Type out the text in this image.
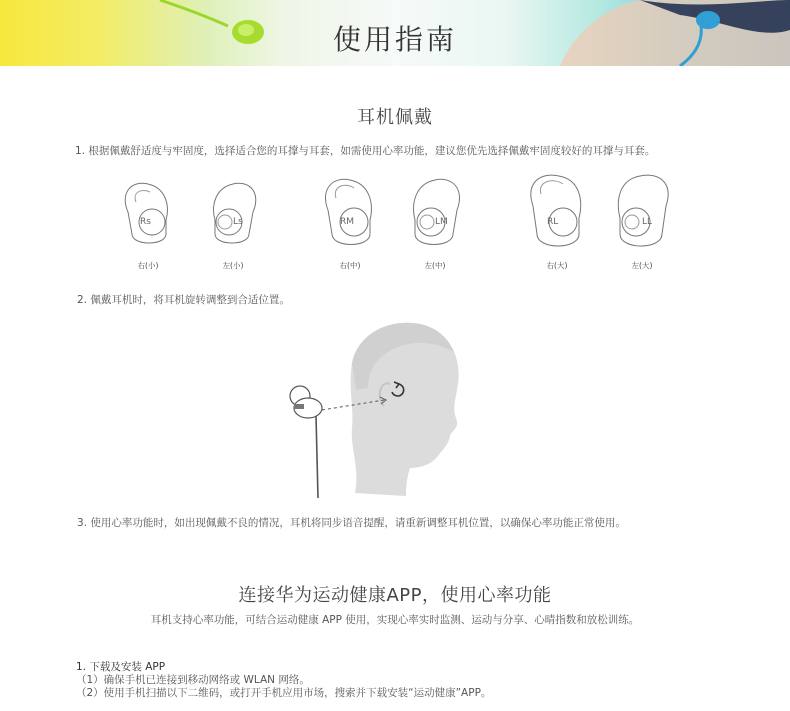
使用指南
耳机佩戴
1. 根据佩戴舒适度与牢固度，选择适合您的耳撑与耳套，如需使用心率功能，建议您优先选择佩戴牢固度较好的耳撑与耳套。
Rs
右(小)
Ls
左(小)
RM
右(中)
LM
左(中)
RL
右(大)
LL
左(大)
2. 佩戴耳机时，将耳机旋转调整到合适位置。
3. 使用心率功能时，如出现佩戴不良的情况，耳机将同步语音提醒，请重新调整耳机位置，以确保心率功能正常使用。
连接华为运动健康APP，使用心率功能
耳机支持心率功能，可结合运动健康 APP 使用，实现心率实时监测、运动与分享、心晴指数和放松训练。
1. 下载及安装 APP
（1）确保手机已连接到移动网络或 WLAN 网络。
（2）使用手机扫描以下二维码，或打开手机应用市场，搜索并下载安装“运动健康”APP。
